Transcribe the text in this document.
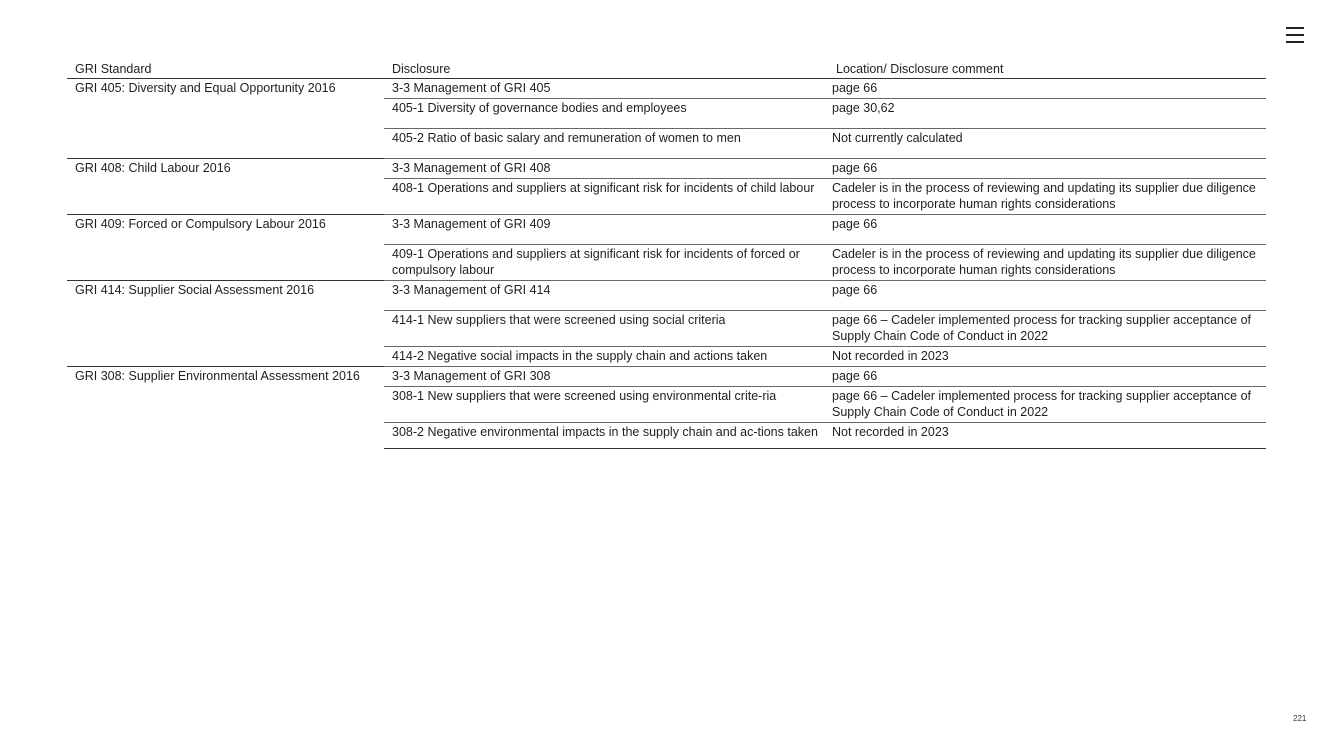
GRI Standard	Disclosure	Location/ Disclosure comment
GRI 405: Diversity and Equal Opportunity 2016	3-3 Management of GRI 405	page 66
	405-1 Diversity of governance bodies and employees	page 30,62
	405-2 Ratio of basic salary and remuneration of women to men	Not currently calculated
GRI 408: Child Labour 2016	3-3 Management of GRI 408	page 66
	408-1 Operations and suppliers at significant risk for incidents of child labour	Cadeler is in the process of reviewing and updating its supplier due diligence process to incorporate human rights considerations
GRI 409: Forced or Compulsory Labour 2016	3-3 Management of GRI 409	page 66
	409-1 Operations and suppliers at significant risk for incidents of forced or compulsory labour	Cadeler is in the process of reviewing and updating its supplier due diligence process to incorporate human rights considerations
GRI 414: Supplier Social Assessment 2016	3-3 Management of GRI 414	page 66
	414-1 New suppliers that were screened using social criteria	page 66 – Cadeler implemented process for tracking supplier acceptance of Supply Chain Code of Conduct in 2022
	414-2 Negative social impacts in the supply chain and actions taken	Not recorded in 2023
GRI 308: Supplier Environmental Assessment 2016	3-3 Management of GRI 308	page 66
	308-1 New suppliers that were screened using environmental crite-ria	page 66 – Cadeler implemented process for tracking supplier acceptance of Supply Chain Code of Conduct in 2022
	308-2 Negative environmental impacts in the supply chain and ac-tions taken	Not recorded in 2023
221
